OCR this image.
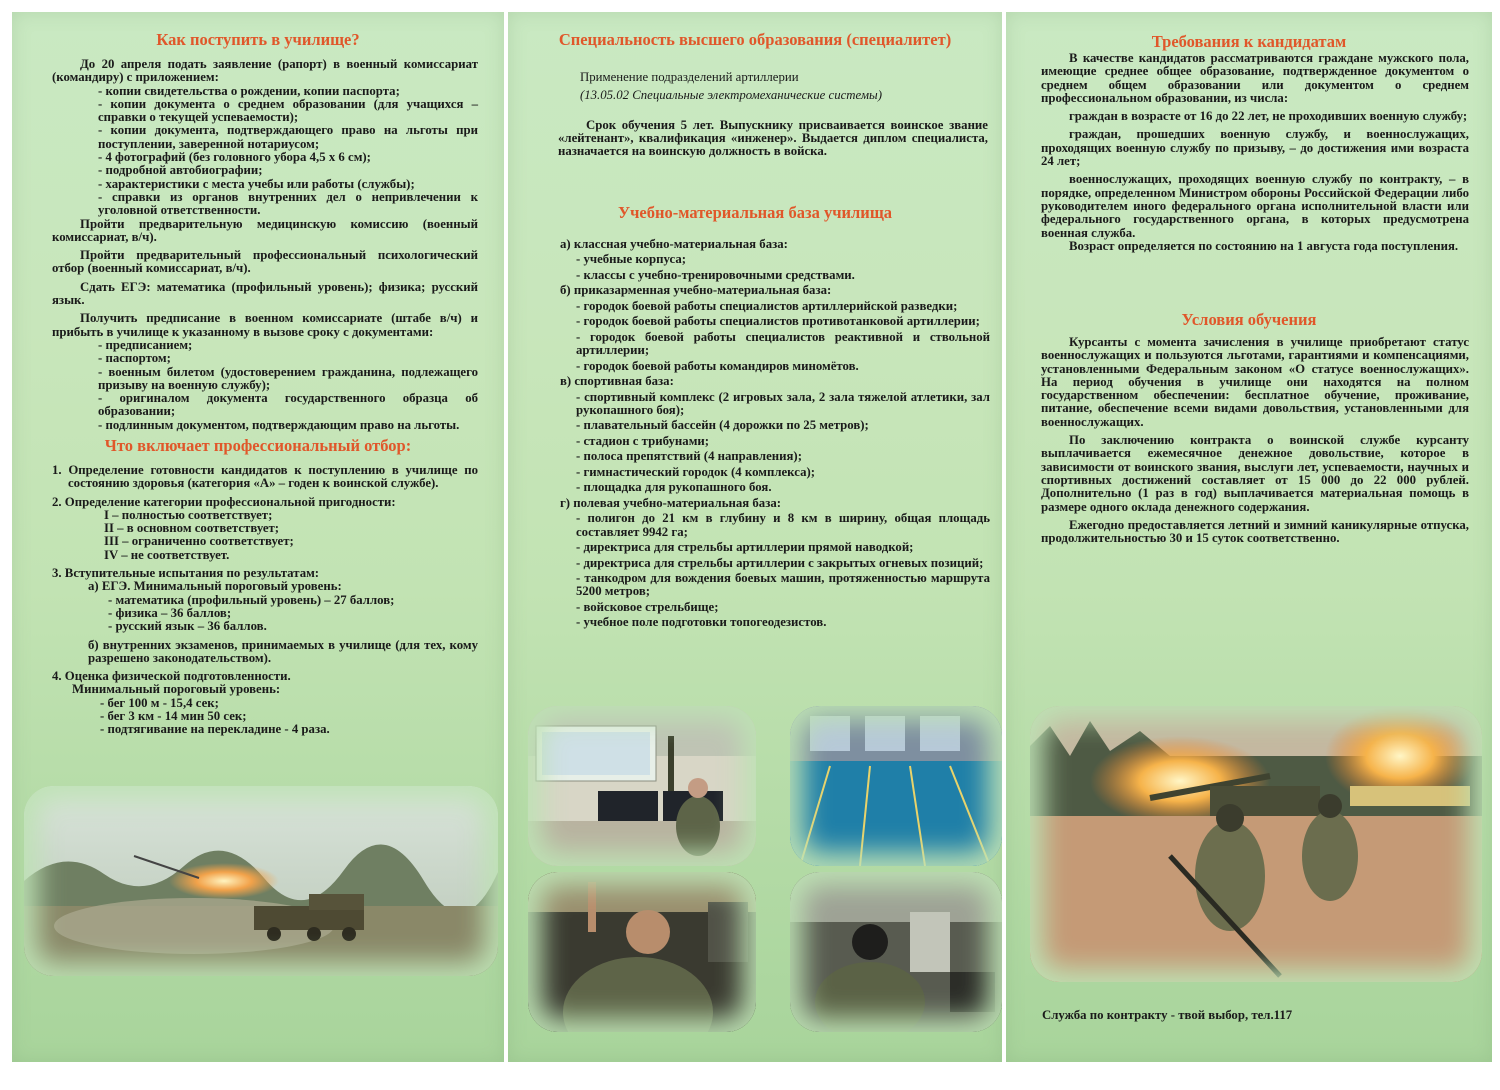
Как поступить в училище?

До 20 апреля подать заявление (рапорт) в военный комиссариат (командиру) с приложением:

- копии свидетельства о рождении, копии паспорта;

- копии документа о среднем образовании (для учащихся – справки о текущей успеваемости);

- копии документа, подтверждающего право на льготы при поступлении, заверенной нотариусом;

- 4 фотографий (без головного убора 4,5 х 6 см);

- подробной автобиографии;

- характеристики с места учебы или работы (службы);

- справки из органов внутренних дел о непривлечении к уголовной ответственности.

Пройти предварительную медицинскую комиссию (военный комиссариат, в/ч).

Пройти предварительный профессиональный психологический отбор (военный комиссариат, в/ч).

Сдать ЕГЭ: математика (профильный уровень); физика; русский язык.

Получить предписание в военном комиссариате (штабе в/ч) и прибыть в училище к указанному в вызове сроку с документами:

- предписанием;

- паспортом;

- военным билетом (удостоверением гражданина, подлежащего призыву на военную службу);

- оригиналом документа государственного образца об образовании;

- подлинным документом, подтверждающим право на льготы.

Что включает профессиональный отбор:

1. Определение готовности кандидатов к поступлению в училище по состоянию здоровья (категория «А» – годен к воинской службе).

2. Определение категории профессиональной пригодности:

I – полностью соответствует;

II – в основном соответствует;

III – ограниченно соответствует;

IV – не соответствует.

3. Вступительные испытания по результатам:

а) ЕГЭ. Минимальный пороговый уровень:

- математика (профильный уровень) – 27 баллов;

- физика – 36 баллов;

- русский язык – 36 баллов.

б) внутренних экзаменов, принимаемых в училище (для тех, кому разрешено законодательством).

4. Оценка физической подготовленности.

Минимальный пороговый уровень:

- бег 100 м - 15,4 сек;

- бег 3 км - 14 мин 50 сек;

- подтягивание на перекладине - 4 раза.

Специальность высшего образования (специалитет)

Применение подразделений артиллерии

(13.05.02 Специальные электромеханические системы)

Срок обучения 5 лет. Выпускнику присваивается воинское звание «лейтенант», квалификация «инженер». Выдается диплом специалиста, назначается на воинскую должность в войска.

Учебно-материальная база училища

а) классная учебно-материальная база:

- учебные корпуса;

- классы с учебно-тренировочными средствами.

б) приказарменная учебно-материальная база:

- городок боевой работы специалистов артиллерийской разведки;

- городок боевой работы специалистов противотанковой артиллерии;

- городок боевой работы специалистов реактивной и ствольной артиллерии;

- городок боевой работы командиров миномётов.

в) спортивная база:

- спортивный комплекс (2 игровых зала, 2 зала тяжелой атлетики, зал рукопашного боя);

- плавательный бассейн (4 дорожки по 25 метров);

- стадион с трибунами;

- полоса препятствий (4 направления);

- гимнастический городок (4 комплекса);

- площадка для рукопашного боя.

г) полевая учебно-материальная база:

- полигон до 21 км в глубину и 8 км в ширину, общая площадь составляет 9942 га;

- директриса для стрельбы артиллерии прямой наводкой;

- директриса для стрельбы артиллерии с закрытых огневых позиций;

- танкодром для вождения боевых машин, протяженностью маршрута 5200 метров;

- войсковое стрельбище;

- учебное поле подготовки топогеодезистов.

Требования к кандидатам

В качестве кандидатов рассматриваются граждане мужского пола, имеющие среднее общее образование, подтвержденное документом о среднем общем образовании или документом о среднем профессиональном образовании, из числа:

граждан в возрасте от 16 до 22 лет, не проходивших военную службу;

граждан, прошедших военную службу, и военнослужащих, проходящих военную службу по призыву, – до достижения ими возраста 24 лет;

военнослужащих, проходящих военную службу по контракту, – в порядке, определенном Министром обороны Российской Федерации либо руководителем иного федерального органа исполнительной власти или федерального государственного органа, в которых предусмотрена военная служба.

Возраст определяется по состоянию на 1 августа года поступления.

Условия обучения

Курсанты с момента зачисления в училище приобретают статус военнослужащих и пользуются льготами, гарантиями и компенсациями, установленными Федеральным законом «О статусе военнослужащих». На период обучения в училище они находятся на полном государственном обеспечении: бесплатное обучение, проживание, питание, обеспечение всеми видами довольствия, установленными для военнослужащих.

По заключению контракта о воинской службе курсанту выплачивается ежемесячное денежное довольствие, которое в зависимости от воинского звания, выслуги лет, успеваемости, научных и спортивных достижений составляет от 15 000 до 22 000 рублей. Дополнительно (1 раз в год) выплачивается материальная помощь в размере одного оклада денежного содержания.

Ежегодно предоставляется летний и зимний каникулярные отпуска, продолжительностью 30 и 15 суток соответственно.

Служба по контракту - твой выбор, тел.117
